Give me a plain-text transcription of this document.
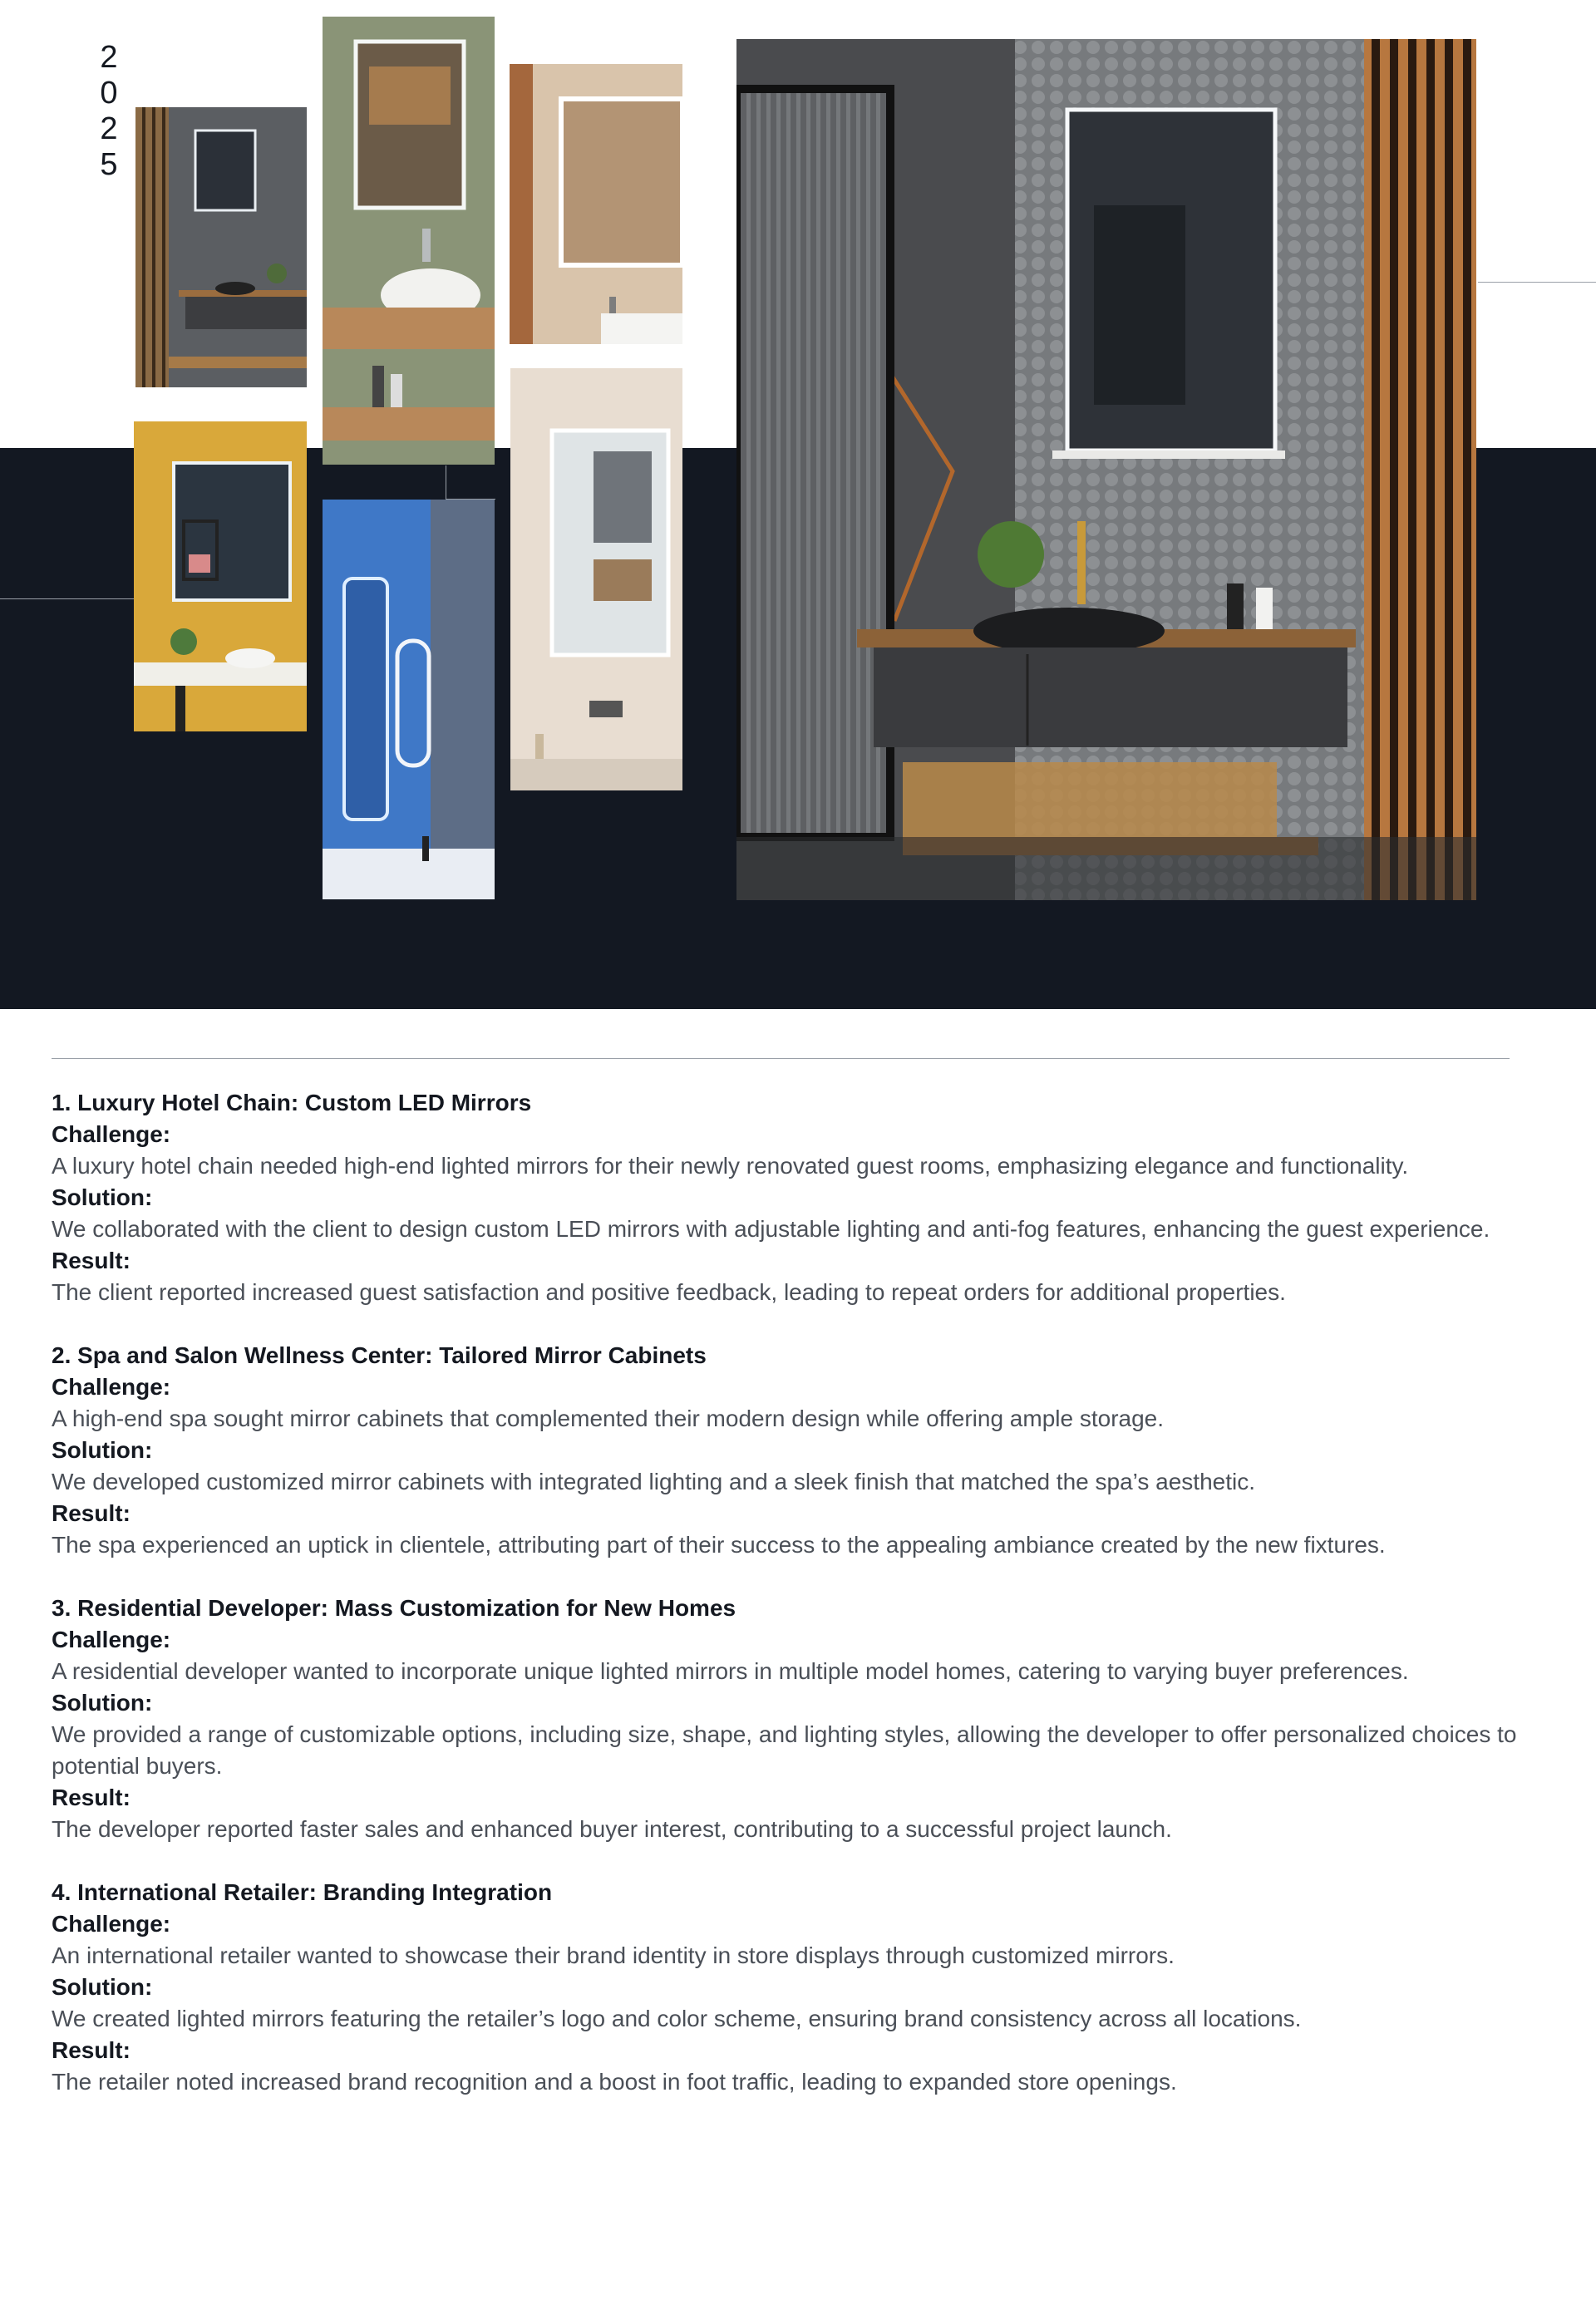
2
0
2
5
1. Luxury Hotel Chain: Custom LED Mirrors
Challenge:

A luxury hotel chain needed high-end lighted mirrors for their newly renovated guest rooms, emphasizing elegance and functionality.

Solution:

We collaborated with the client to design custom LED mirrors with adjustable lighting and anti-fog features, enhancing the guest experience.

Result:

The client reported increased guest satisfaction and positive feedback, leading to repeat orders for additional properties.

2. Spa and Salon Wellness Center: Tailored Mirror Cabinets
Challenge:

A high-end spa sought mirror cabinets that complemented their modern design while offering ample storage.

Solution:

We developed customized mirror cabinets with integrated lighting and a sleek finish that matched the spa’s aesthetic.

Result:

The spa experienced an uptick in clientele, attributing part of their success to the appealing ambiance created by the new fixtures.

3. Residential Developer: Mass Customization for New Homes
Challenge:

A residential developer wanted to incorporate unique lighted mirrors in multiple model homes, catering to varying buyer preferences.

Solution:

We provided a range of customizable options, including size, shape, and lighting styles, allowing the developer to offer personalized choices to potential buyers.

Result:

The developer reported faster sales and enhanced buyer interest, contributing to a successful project launch.

4. International Retailer: Branding Integration
Challenge:

An international retailer wanted to showcase their brand identity in store displays through customized mirrors.

Solution:

We created lighted mirrors featuring the retailer’s logo and color scheme, ensuring brand consistency across all locations.

Result:

The retailer noted increased brand recognition and a boost in foot traffic, leading to expanded store openings.
